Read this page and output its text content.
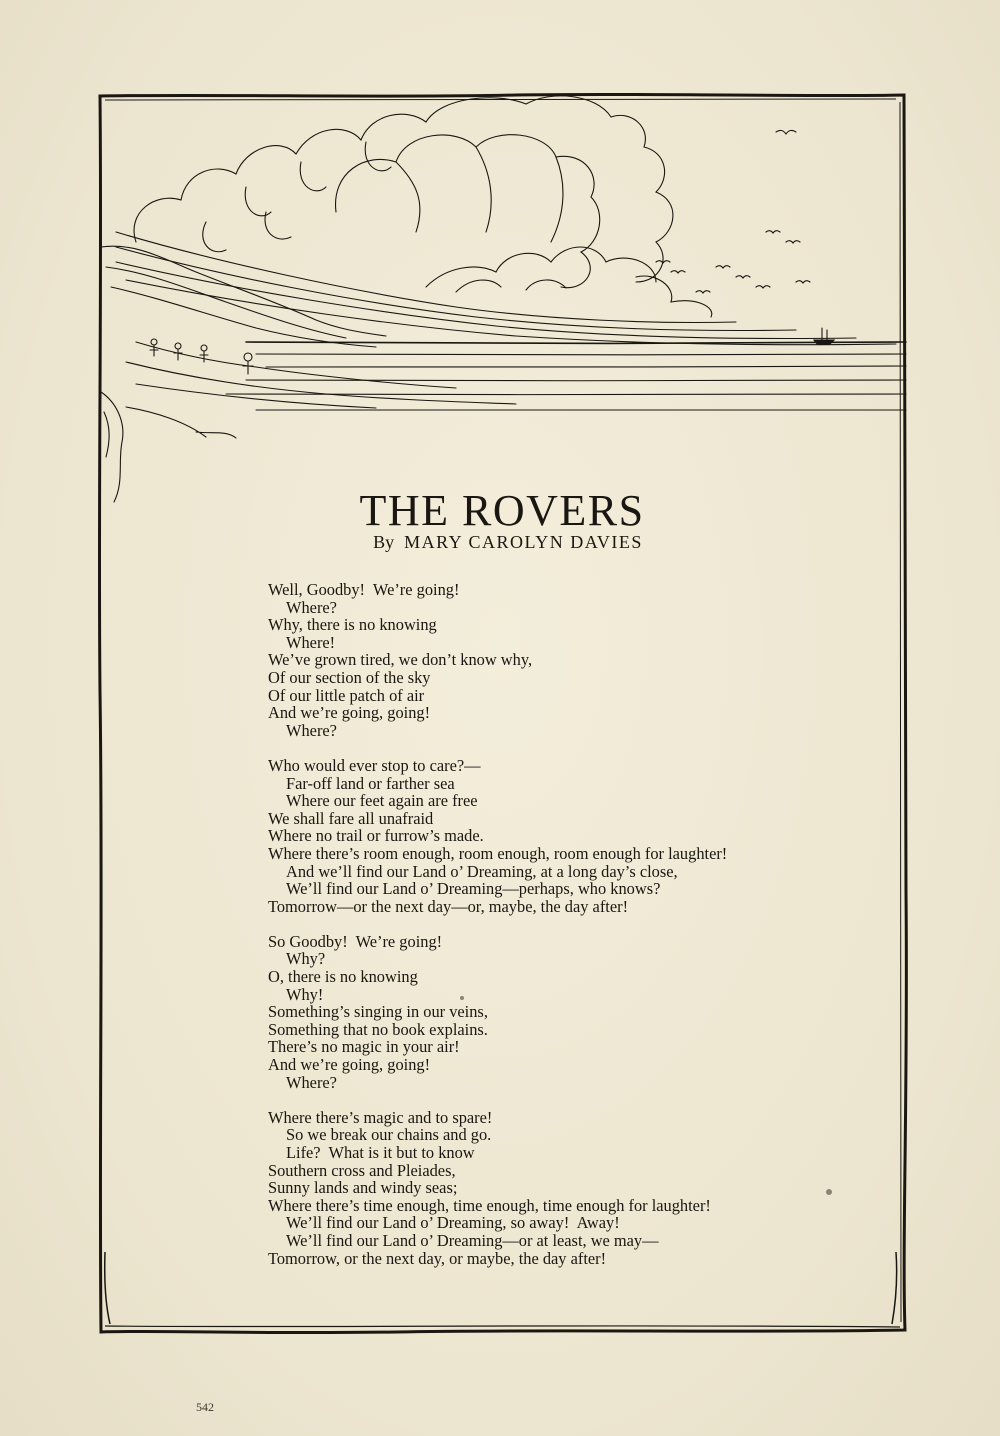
THE ROVERS
By MARY CAROLYN DAVIES
Well, Goodby!  We’re going!
Where?
Why, there is no knowing
Where!
We’ve grown tired, we don’t know why,
Of our section of the sky
Of our little patch of air
And we’re going, going!
Where?
Who would ever stop to care?—
Far-off land or farther sea
Where our feet again are free
We shall fare all unafraid
Where no trail or furrow’s made.
Where there’s room enough, room enough, room enough for laughter!
And we’ll find our Land o’ Dreaming, at a long day’s close,
We’ll find our Land o’ Dreaming—perhaps, who knows?
Tomorrow—or the next day—or, maybe, the day after!
So Goodby!  We’re going!
Why?
O, there is no knowing
Why!
Something’s singing in our veins,
Something that no book explains.
There’s no magic in your air!
And we’re going, going!
Where?
Where there’s magic and to spare!
So we break our chains and go.
Life?  What is it but to know
Southern cross and Pleiades,
Sunny lands and windy seas;
Where there’s time enough, time enough, time enough for laughter!
We’ll find our Land o’ Dreaming, so away!  Away!
We’ll find our Land o’ Dreaming—or at least, we may—
Tomorrow, or the next day, or maybe, the day after!
542
